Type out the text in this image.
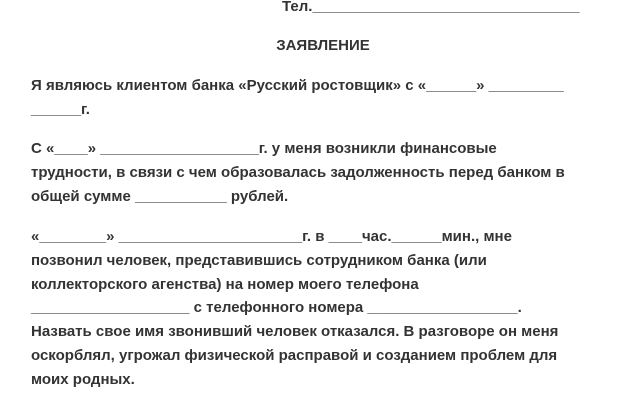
Тел.________________________________
ЗАЯВЛЕНИЕ
Я являюсь клиентом банка «Русский ростовщик» с «______» _________
______г.
С «____» ___________________г. у меня возникли финансовые
трудности, в связи с чем образовалась задолженность перед банком в
общей сумме ___________ рублей.
«________» ______________________г. в ____час.______мин., мне
позвонил человек, представившись сотрудником банка (или
коллекторского агенства) на номер моего телефона
___________________ с телефонного номера __________________.
Назвать свое имя звонивший человек отказался. В разговоре он меня
оскорблял, угрожал физической расправой и созданием проблем для
моих родных.
